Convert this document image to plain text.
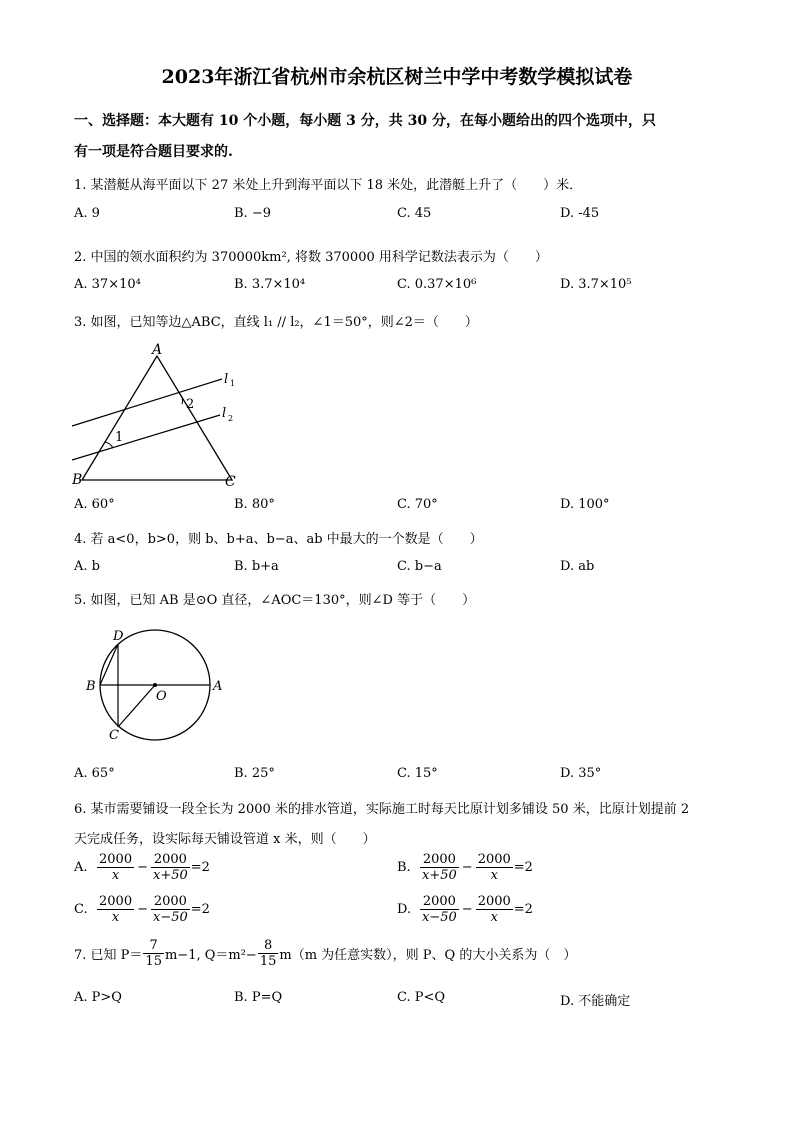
2023年浙江省杭州市余杭区树兰中学中考数学模拟试卷
一、选择题：本大题有 10 个小题，每小题 3 分，共 30 分，在每小题给出的四个选项中，只
有一项是符合题目要求的.
1. 某潜艇从海平面以下 27 米处上升到海平面以下 18 米处，此潜艇上升了（　　）米．
A. 9	B. −9	C. 45	D. -45
2. 中国的领水面积约为 370000km², 将数 370000 用科学记数法表示为（　　）
A. 37×10⁴	B. 3.7×10⁴	C. 0.37×10⁶	D. 3.7×10⁵
3. 如图，已知等边△ABC，直线 l₁ // l₂，∠1＝50°，则∠2＝（　　）
A
B	C
l 1
l 2
1
2
A. 60°	B. 80°	C. 70°	D. 100°
4. 若 a<0，b>0，则 b、b+a、b−a、ab 中最大的一个数是（　　）
A. b	B. b+a	C. b−a	D. ab
5. 如图，已知 AB 是⊙O 直径，∠AOC＝130°，则∠D 等于（　　）
D
B
O
A
C
A. 65°	B. 25°	C. 15°	D. 35°
6. 某市需要铺设一段全长为 2000 米的排水管道，实际施工时每天比原计划多铺设 50 米，比原计划提前 2
天完成任务，设实际每天铺设管道 x 米，则（　　）
A. $\frac{2000}{x} - \frac{2000}{x+50} =2$	B. $\frac{2000}{x+50} - \frac{2000}{x} =2$
C. $\frac{2000}{x} - \frac{2000}{x-50} =2$	D. $\frac{2000}{x-50} - \frac{2000}{x} =2$
7. 已知 $P= \frac{7}{15} m-1$, $Q=m^2- \frac{8}{15} m(m$ 为任意实数），则 P、Q 的大小关系为（　）
A. P>Q	B. P=Q	C. P<Q	D. 不能确定
